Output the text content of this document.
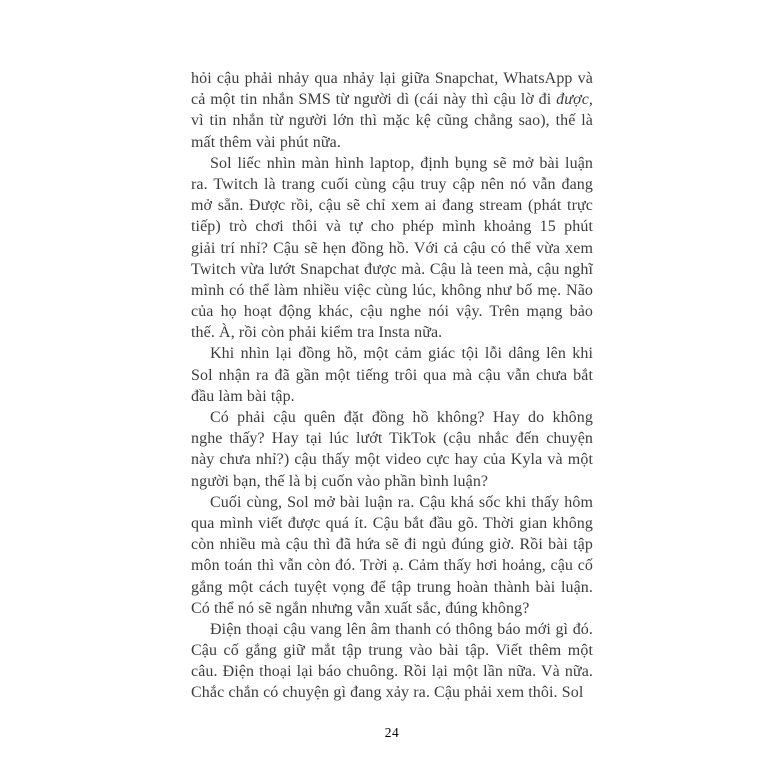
hỏi cậu phải nhảy qua nhảy lại giữa Snapchat, WhatsApp và
cả một tin nhắn SMS từ người dì (cái này thì cậu lờ đi được,
vì tin nhắn từ người lớn thì mặc kệ cũng chẳng sao), thế là
mất thêm vài phút nữa.
Sol liếc nhìn màn hình laptop, định bụng sẽ mở bài luận
ra. Twitch là trang cuối cùng cậu truy cập nên nó vẫn đang
mở sẵn. Được rồi, cậu sẽ chỉ xem ai đang stream (phát trực
tiếp) trò chơi thôi và tự cho phép mình khoảng 15 phút
giải trí nhỉ? Cậu sẽ hẹn đồng hồ. Với cả cậu có thể vừa xem
Twitch vừa lướt Snapchat được mà. Cậu là teen mà, cậu nghĩ
mình có thể làm nhiều việc cùng lúc, không như bố mẹ. Não
của họ hoạt động khác, cậu nghe nói vậy. Trên mạng bảo
thế. À, rồi còn phải kiểm tra Insta nữa.
Khi nhìn lại đồng hồ, một cảm giác tội lỗi dâng lên khi
Sol nhận ra đã gần một tiếng trôi qua mà cậu vẫn chưa bắt
đầu làm bài tập.
Có phải cậu quên đặt đồng hồ không? Hay do không
nghe thấy? Hay tại lúc lướt TikTok (cậu nhắc đến chuyện
này chưa nhỉ?) cậu thấy một video cực hay của Kyla và một
người bạn, thế là bị cuốn vào phần bình luận?
Cuối cùng, Sol mở bài luận ra. Cậu khá sốc khi thấy hôm
qua mình viết được quá ít. Cậu bắt đầu gõ. Thời gian không
còn nhiều mà cậu thì đã hứa sẽ đi ngủ đúng giờ. Rồi bài tập
môn toán thì vẫn còn đó. Trời ạ. Cảm thấy hơi hoảng, cậu cố
gắng một cách tuyệt vọng để tập trung hoàn thành bài luận.
Có thể nó sẽ ngắn nhưng vẫn xuất sắc, đúng không?
Điện thoại cậu vang lên âm thanh có thông báo mới gì đó.
Cậu cố gắng giữ mắt tập trung vào bài tập. Viết thêm một
câu. Điện thoại lại báo chuông. Rồi lại một lần nữa. Và nữa.
Chắc chắn có chuyện gì đang xảy ra. Cậu phải xem thôi. Sol
24
